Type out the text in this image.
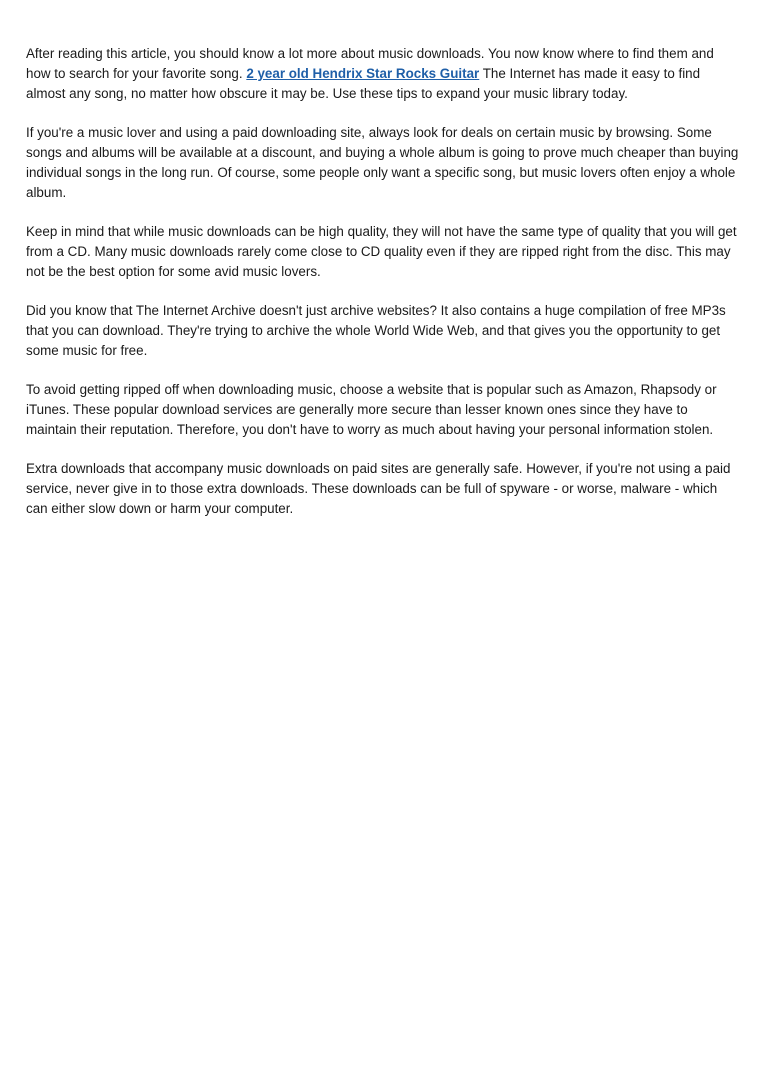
After reading this article, you should know a lot more about music downloads. You now know where to find them and how to search for your favorite song. 2 year old Hendrix Star Rocks Guitar The Internet has made it easy to find almost any song, no matter how obscure it may be. Use these tips to expand your music library today.

If you're a music lover and using a paid downloading site, always look for deals on certain music by browsing. Some songs and albums will be available at a discount, and buying a whole album is going to prove much cheaper than buying individual songs in the long run. Of course, some people only want a specific song, but music lovers often enjoy a whole album.

Keep in mind that while music downloads can be high quality, they will not have the same type of quality that you will get from a CD. Many music downloads rarely come close to CD quality even if they are ripped right from the disc. This may not be the best option for some avid music lovers.

Did you know that The Internet Archive doesn't just archive websites? It also contains a huge compilation of free MP3s that you can download. They're trying to archive the whole World Wide Web, and that gives you the opportunity to get some music for free.

To avoid getting ripped off when downloading music, choose a website that is popular such as Amazon, Rhapsody or iTunes. These popular download services are generally more secure than lesser known ones since they have to maintain their reputation. Therefore, you don't have to worry as much about having your personal information stolen.

Extra downloads that accompany music downloads on paid sites are generally safe. However, if you're not using a paid service, never give in to those extra downloads. These downloads can be full of spyware - or worse, malware - which can either slow down or harm your computer.
